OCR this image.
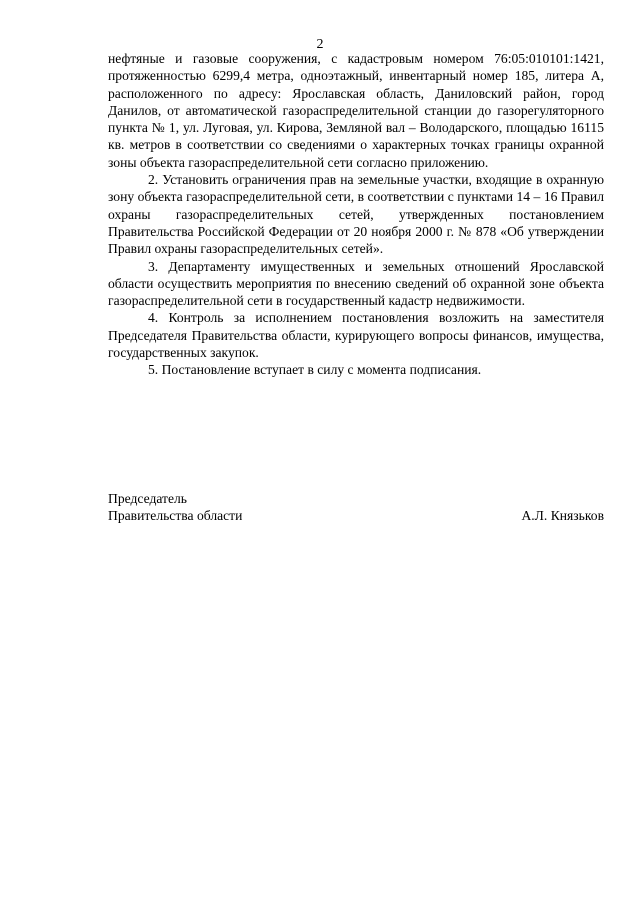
2

нефтяные и газовые сооружения, с кадастровым номером 76:05:010101:1421, протяженностью 6299,4 метра, одноэтажный, инвентарный номер 185, литера А, расположенного по адресу: Ярославская область, Даниловский район, город Данилов, от автоматической газораспределительной станции до газорегуляторного пункта № 1, ул. Луговая, ул. Кирова, Земляной вал – Володарского, площадью 16115 кв. метров в соответствии со сведениями о характерных точках границы охранной зоны объекта газораспределительной сети согласно приложению.

2. Установить ограничения прав на земельные участки, входящие в охранную зону объекта газораспределительной сети, в соответствии с пунктами 14 – 16 Правил охраны газораспределительных сетей, утвержденных постановлением Правительства Российской Федерации от 20 ноября 2000 г. № 878 «Об утверждении Правил охраны газораспределительных сетей».

3. Департаменту имущественных и земельных отношений Ярославской области осуществить мероприятия по внесению сведений об охранной зоне объекта газораспределительной сети в государственный кадастр недвижимости.

4. Контроль за исполнением постановления возложить на заместителя Председателя Правительства области, курирующего вопросы финансов, имущества, государственных закупок.

5. Постановление вступает в силу с момента подписания.

Председатель
Правительства области	А.Л. Князьков
